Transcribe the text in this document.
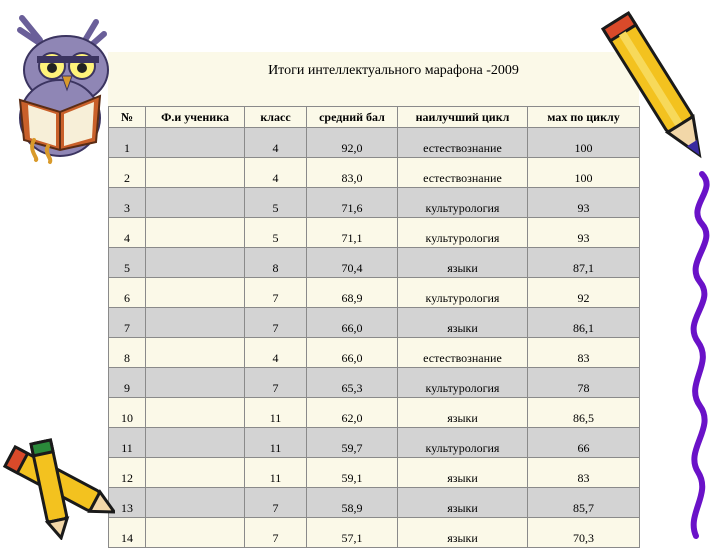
Итоги интеллектуального марафона -2009
№	Ф.и ученика	класс	средний бал	наилучший цикл	мах по циклу
1		4	92,0	естествознание	100
2		4	83,0	естествознание	100
3		5	71,6	культурология	93
4		5	71,1	культурология	93
5		8	70,4	языки	87,1
6		7	68,9	культурология	92
7		7	66,0	языки	86,1
8		4	66,0	естествознание	83
9		7	65,3	культурология	78
10		11	62,0	языки	86,5
11		11	59,7	культурология	66
12		11	59,1	языки	83
13		7	58,9	языки	85,7
14		7	57,1	языки	70,3
